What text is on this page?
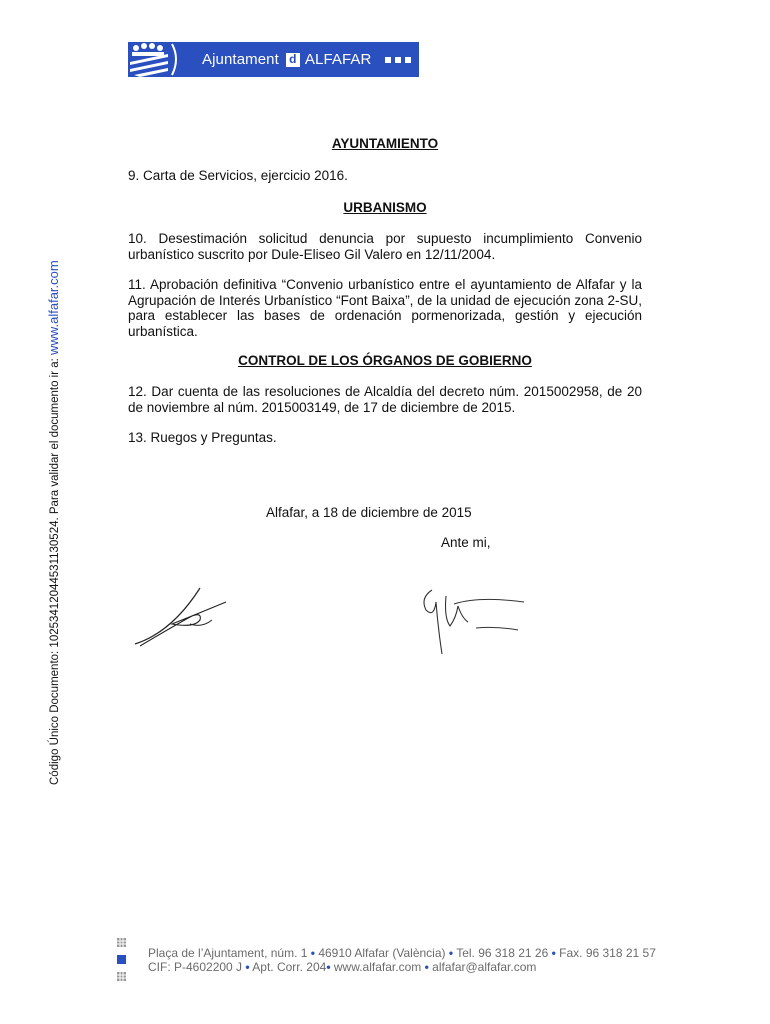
Ajuntament d ALFAFAR
Código Único Documento: 10253412044531130524. Para validar el documento ir a: www.alfafar.com

AYUNTAMIENTO

9. Carta de Servicios, ejercicio 2016.

URBANISMO

10. Desestimación solicitud denuncia por supuesto incumplimiento Convenio urbanístico suscrito por Dule-Eliseo Gil Valero en 12/11/2004.

11. Aprobación definitiva “Convenio urbanístico entre el ayuntamiento de Alfafar y la Agrupación de Interés Urbanístico “Font Baixa”, de la unidad de ejecución zona 2-SU, para establecer las bases de ordenación pormenorizada, gestión y ejecución urbanística.

CONTROL DE LOS ÓRGANOS DE GOBIERNO

12. Dar cuenta de las resoluciones de Alcaldía del decreto núm. 2015002958, de 20 de noviembre al núm. 2015003149, de 17 de diciembre de 2015.

13. Ruegos y Preguntas.

Alfafar, a 18 de diciembre de 2015
Ante mi,
Plaça de l’Ajuntament, núm. 1 • 46910 Alfafar (València) • Tel. 96 318 21 26 • Fax. 96 318 21 57
CIF: P-4602200 J • Apt. Corr. 204• www.alfafar.com • alfafar@alfafar.com
